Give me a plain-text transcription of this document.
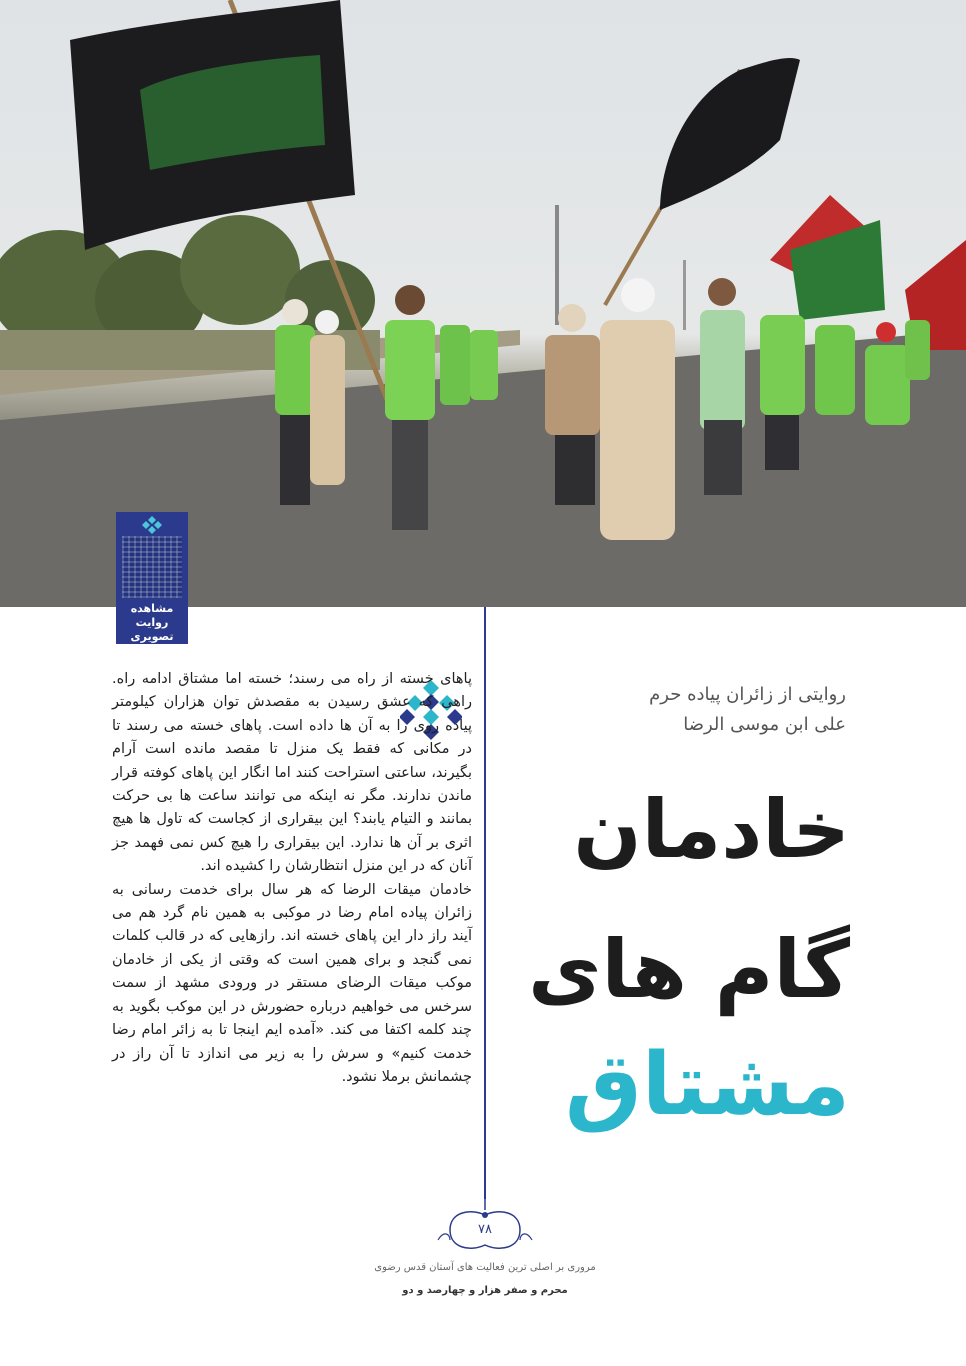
مشاهده
روایت تصویری
این مطلب
روایتی از زائران پیاده حرم
علی ابن موسی الرضا
خادمان
گام های
مشتاق

پاهای خسته از راه می رسند؛ خسته اما مشتاق ادامه راه. راهی که عشق رسیدن به مقصدش توان هزاران کیلومتر پیاده روی را به آن ها داده است. پاهای خسته می رسند تا در مکانی که فقط یک منزل تا مقصد مانده است آرام بگیرند، ساعتی استراحت کنند اما انگار این پاهای کوفته قرار ماندن ندارند. مگر نه اینکه می توانند ساعت ها بی حرکت بمانند و التیام یابند؟ این بیقراری از کجاست که تاول ها هیچ اثری بر آن ها ندارد. این بیقراری را هیچ کس نمی فهمد جز آنان که در این منزل انتظارشان را کشیده اند.

خادمان میقات الرضا که هر سال برای خدمت رسانی به زائران پیاده امام رضا در موکبی به همین نام گرد هم می آیند راز دار این پاهای خسته اند. رازهایی که در قالب کلمات نمی گنجد و برای همین است که وقتی از یکی از خادمان موکب میقات الرضای مستقر در ورودی مشهد از سمت سرخس می خواهیم درباره حضورش در این موکب بگوید به چند کلمه اکتفا می کند. «آمده ایم اینجا تا به زائر امام رضا خدمت کنیم» و سرش را به زیر می اندازد تا آن راز در چشمانش برملا نشود.

۷۸
مروری بر اصلی ترین فعالیت های آستان قدس رضوی
محرم و صفر هزار و چهارصد و دو
